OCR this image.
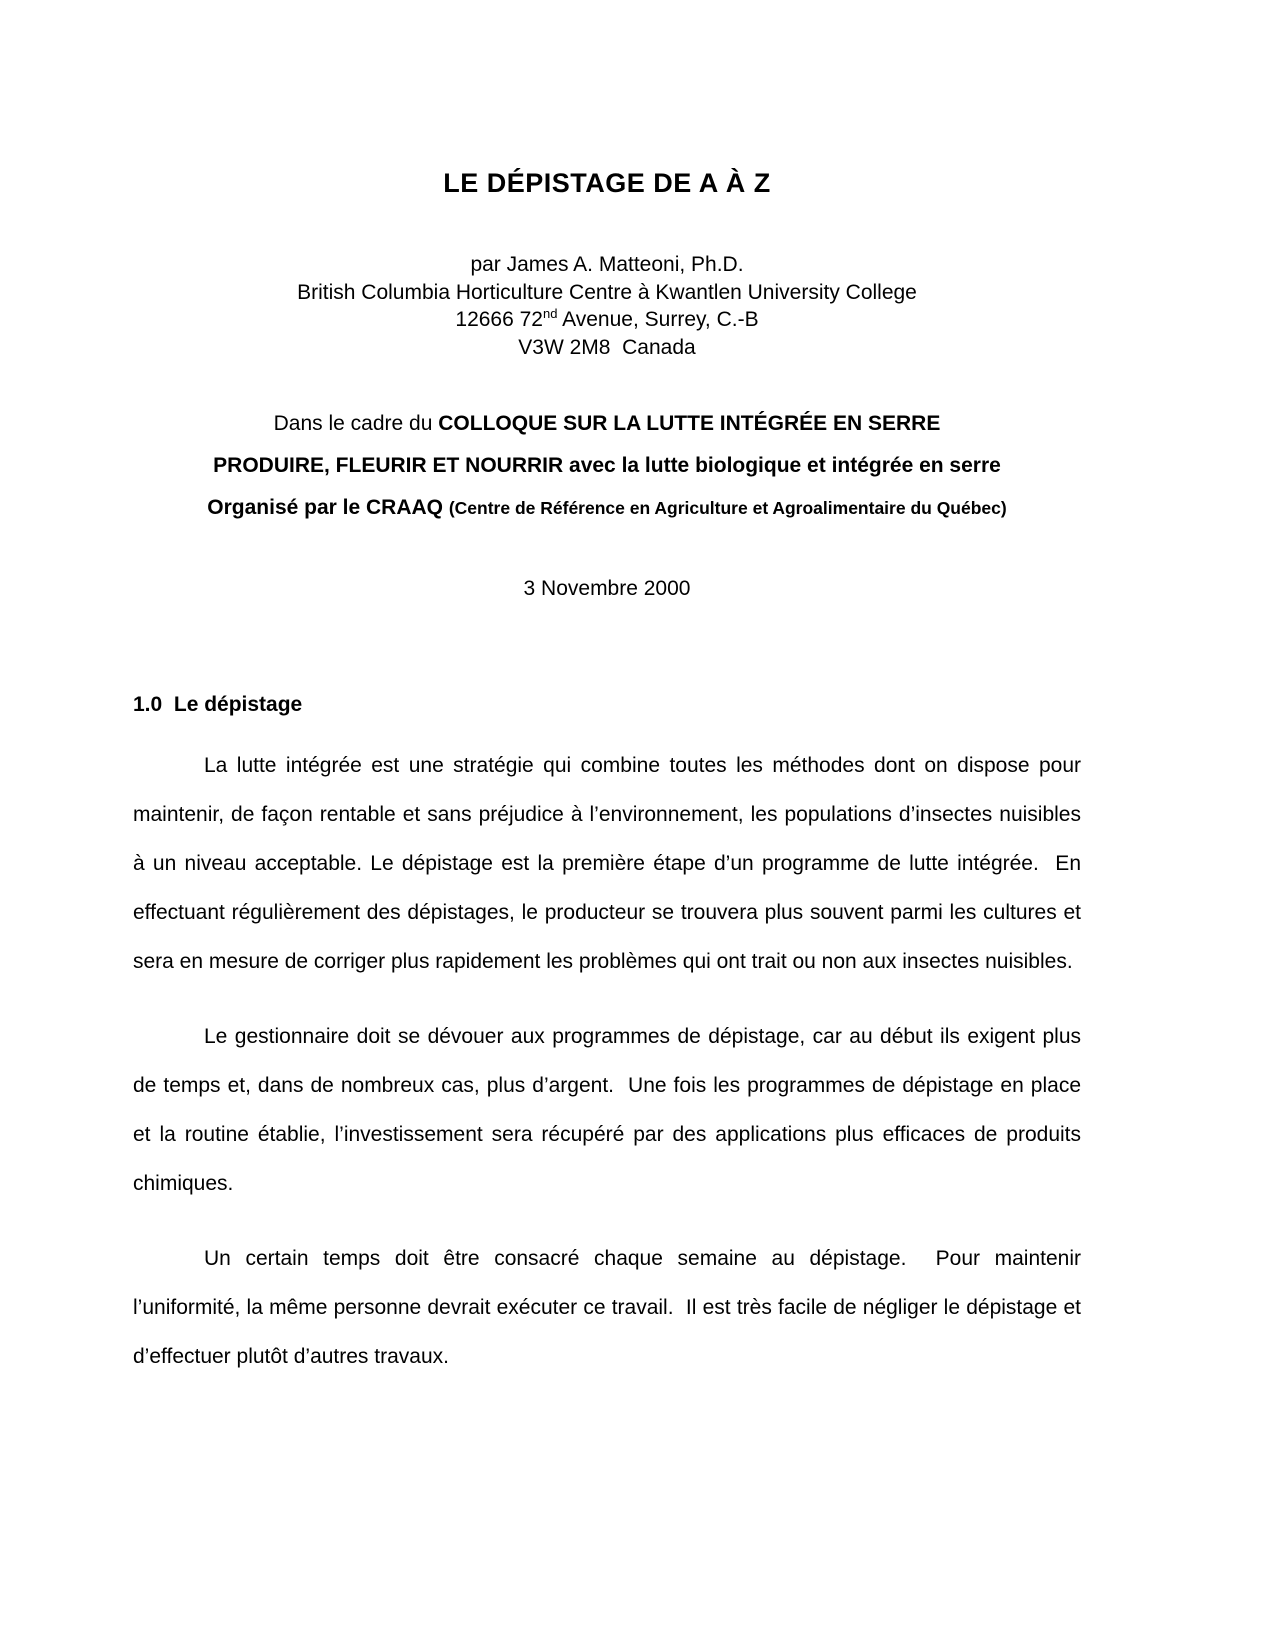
LE DÉPISTAGE DE A À Z
par James A. Matteoni, Ph.D.
British Columbia Horticulture Centre à Kwantlen University College
12666 72nd Avenue, Surrey, C.-B
V3W 2M8  Canada
Dans le cadre du COLLOQUE SUR LA LUTTE INTÉGRÉE EN SERRE
PRODUIRE, FLEURIR ET NOURRIR avec la lutte biologique et intégrée en serre
Organisé par le CRAAQ (Centre de Référence en Agriculture et Agroalimentaire du Québec)
3 Novembre 2000
1.0  Le dépistage

La lutte intégrée est une stratégie qui combine toutes les méthodes dont on dispose pour maintenir, de façon rentable et sans préjudice à l’environnement, les populations d’insectes nuisibles à un niveau acceptable. Le dépistage est la première étape d’un programme de lutte intégrée.  En effectuant régulièrement des dépistages, le producteur se trouvera plus souvent parmi les cultures et sera en mesure de corriger plus rapidement les problèmes qui ont trait ou non aux insectes nuisibles.

Le gestionnaire doit se dévouer aux programmes de dépistage, car au début ils exigent plus de temps et, dans de nombreux cas, plus d’argent.  Une fois les programmes de dépistage en place et la routine établie, l’investissement sera récupéré par des applications plus efficaces de produits chimiques.

Un certain temps doit être consacré chaque semaine au dépistage.  Pour maintenir l’uniformité, la même personne devrait exécuter ce travail.  Il est très facile de négliger le dépistage et d’effectuer plutôt d’autres travaux.
